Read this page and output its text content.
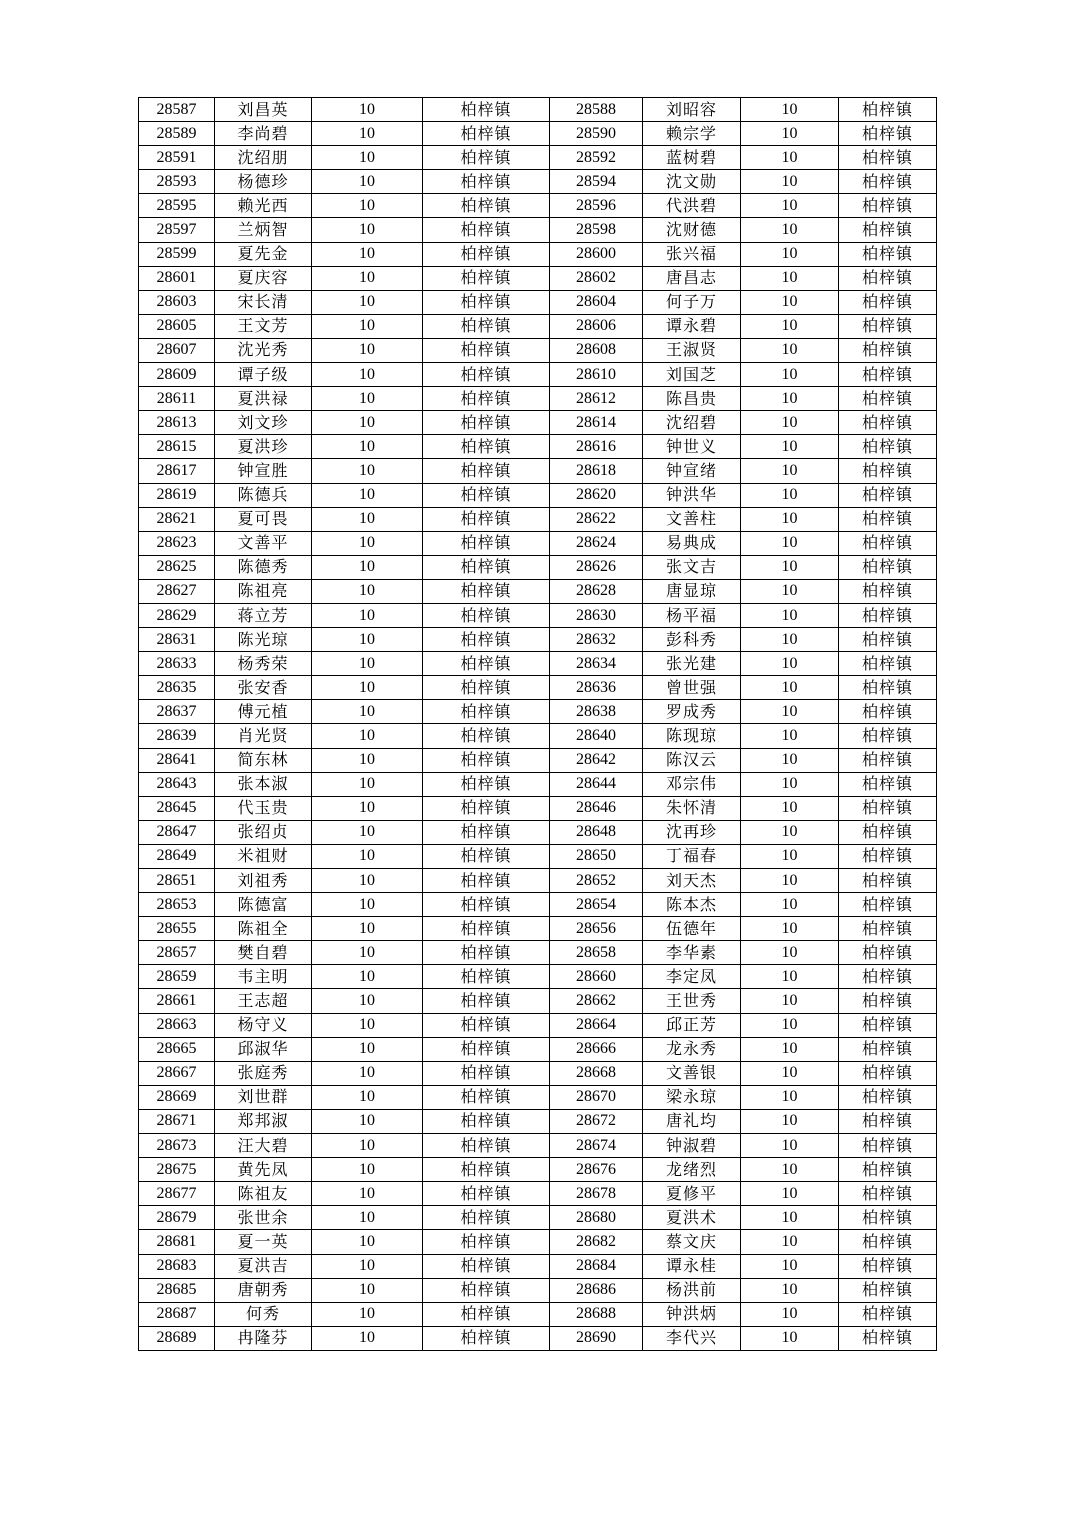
28587	刘昌英	10	柏梓镇	28588	刘昭容	10	柏梓镇
28589	李尚碧	10	柏梓镇	28590	赖宗学	10	柏梓镇
28591	沈绍朋	10	柏梓镇	28592	蓝树碧	10	柏梓镇
28593	杨德珍	10	柏梓镇	28594	沈文勋	10	柏梓镇
28595	赖光西	10	柏梓镇	28596	代洪碧	10	柏梓镇
28597	兰炳智	10	柏梓镇	28598	沈财德	10	柏梓镇
28599	夏先金	10	柏梓镇	28600	张兴福	10	柏梓镇
28601	夏庆容	10	柏梓镇	28602	唐昌志	10	柏梓镇
28603	宋长清	10	柏梓镇	28604	何子万	10	柏梓镇
28605	王文芳	10	柏梓镇	28606	谭永碧	10	柏梓镇
28607	沈光秀	10	柏梓镇	28608	王淑贤	10	柏梓镇
28609	谭子级	10	柏梓镇	28610	刘国芝	10	柏梓镇
28611	夏洪禄	10	柏梓镇	28612	陈昌贵	10	柏梓镇
28613	刘文珍	10	柏梓镇	28614	沈绍碧	10	柏梓镇
28615	夏洪珍	10	柏梓镇	28616	钟世义	10	柏梓镇
28617	钟宣胜	10	柏梓镇	28618	钟宣绪	10	柏梓镇
28619	陈德兵	10	柏梓镇	28620	钟洪华	10	柏梓镇
28621	夏可畏	10	柏梓镇	28622	文善柱	10	柏梓镇
28623	文善平	10	柏梓镇	28624	易典成	10	柏梓镇
28625	陈德秀	10	柏梓镇	28626	张文吉	10	柏梓镇
28627	陈祖亮	10	柏梓镇	28628	唐显琼	10	柏梓镇
28629	蒋立芳	10	柏梓镇	28630	杨平福	10	柏梓镇
28631	陈光琼	10	柏梓镇	28632	彭科秀	10	柏梓镇
28633	杨秀荣	10	柏梓镇	28634	张光建	10	柏梓镇
28635	张安香	10	柏梓镇	28636	曾世强	10	柏梓镇
28637	傅元植	10	柏梓镇	28638	罗成秀	10	柏梓镇
28639	肖光贤	10	柏梓镇	28640	陈现琼	10	柏梓镇
28641	简东林	10	柏梓镇	28642	陈汉云	10	柏梓镇
28643	张本淑	10	柏梓镇	28644	邓宗伟	10	柏梓镇
28645	代玉贵	10	柏梓镇	28646	朱怀清	10	柏梓镇
28647	张绍贞	10	柏梓镇	28648	沈再珍	10	柏梓镇
28649	米祖财	10	柏梓镇	28650	丁福春	10	柏梓镇
28651	刘祖秀	10	柏梓镇	28652	刘天杰	10	柏梓镇
28653	陈德富	10	柏梓镇	28654	陈本杰	10	柏梓镇
28655	陈祖全	10	柏梓镇	28656	伍德年	10	柏梓镇
28657	樊自碧	10	柏梓镇	28658	李华素	10	柏梓镇
28659	韦主明	10	柏梓镇	28660	李定凤	10	柏梓镇
28661	王志超	10	柏梓镇	28662	王世秀	10	柏梓镇
28663	杨守义	10	柏梓镇	28664	邱正芳	10	柏梓镇
28665	邱淑华	10	柏梓镇	28666	龙永秀	10	柏梓镇
28667	张庭秀	10	柏梓镇	28668	文善银	10	柏梓镇
28669	刘世群	10	柏梓镇	28670	梁永琼	10	柏梓镇
28671	郑邦淑	10	柏梓镇	28672	唐礼均	10	柏梓镇
28673	汪大碧	10	柏梓镇	28674	钟淑碧	10	柏梓镇
28675	黄先凤	10	柏梓镇	28676	龙绪烈	10	柏梓镇
28677	陈祖友	10	柏梓镇	28678	夏修平	10	柏梓镇
28679	张世余	10	柏梓镇	28680	夏洪术	10	柏梓镇
28681	夏一英	10	柏梓镇	28682	蔡文庆	10	柏梓镇
28683	夏洪吉	10	柏梓镇	28684	谭永桂	10	柏梓镇
28685	唐朝秀	10	柏梓镇	28686	杨洪前	10	柏梓镇
28687	何秀	10	柏梓镇	28688	钟洪炳	10	柏梓镇
28689	冉隆芬	10	柏梓镇	28690	李代兴	10	柏梓镇
